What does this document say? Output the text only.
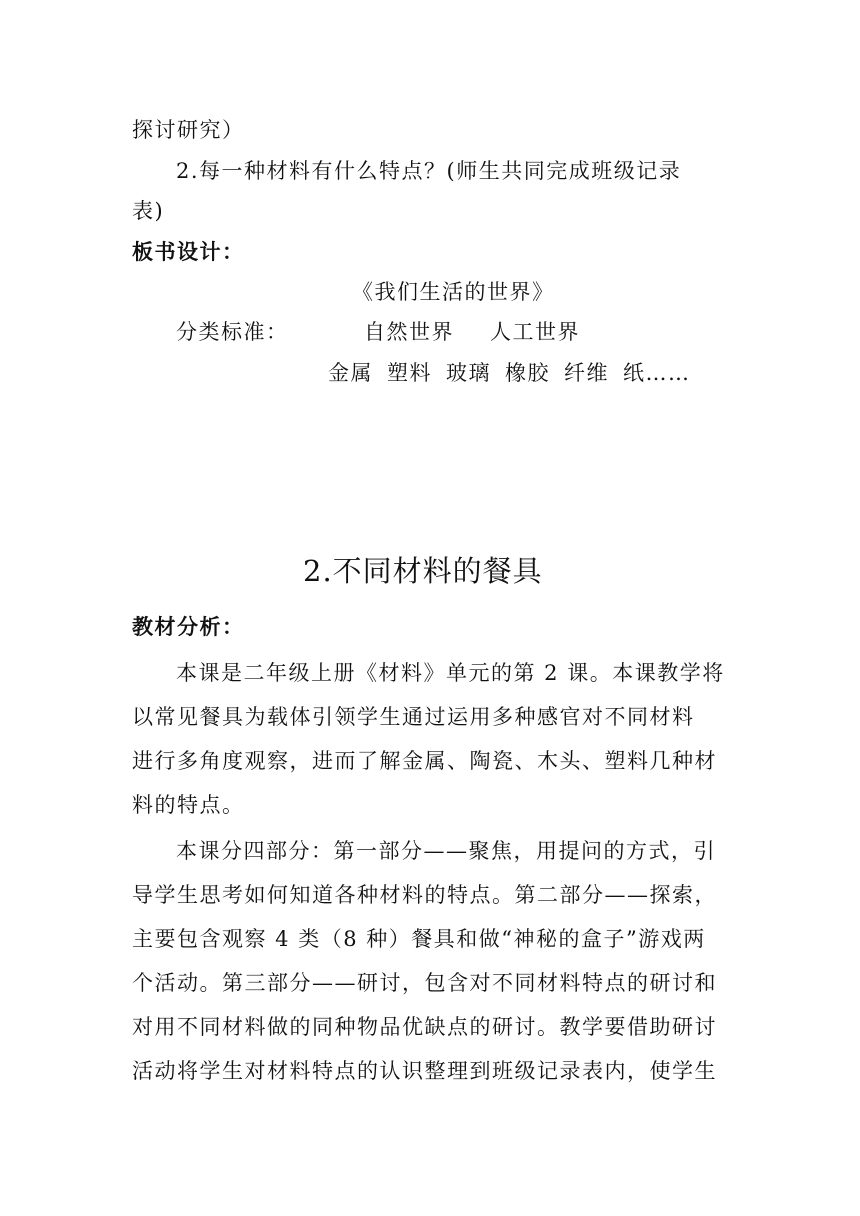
探讨研究）
2.每一种材料有什么特点？(师生共同完成班级记录
表)
板书设计：
《我们生活的世界》
分类标准：	自然世界 人工世界
金属 塑料 玻璃 橡胶 纤维 纸……
2.不同材料的餐具
教材分析：
本课是二年级上册《材料》单元的第 2 课。本课教学将
以常见餐具为载体引领学生通过运用多种感官对不同材料
进行多角度观察，进而了解金属、陶瓷、木头、塑料几种材
料的特点。
本课分四部分：第一部分——聚焦，用提问的方式，引
导学生思考如何知道各种材料的特点。第二部分——探索，
主要包含观察 4 类（8 种）餐具和做“神秘的盒子”游戏两
个活动。第三部分——研讨，包含对不同材料特点的研讨和
对用不同材料做的同种物品优缺点的研讨。教学要借助研讨
活动将学生对材料特点的认识整理到班级记录表内，使学生
